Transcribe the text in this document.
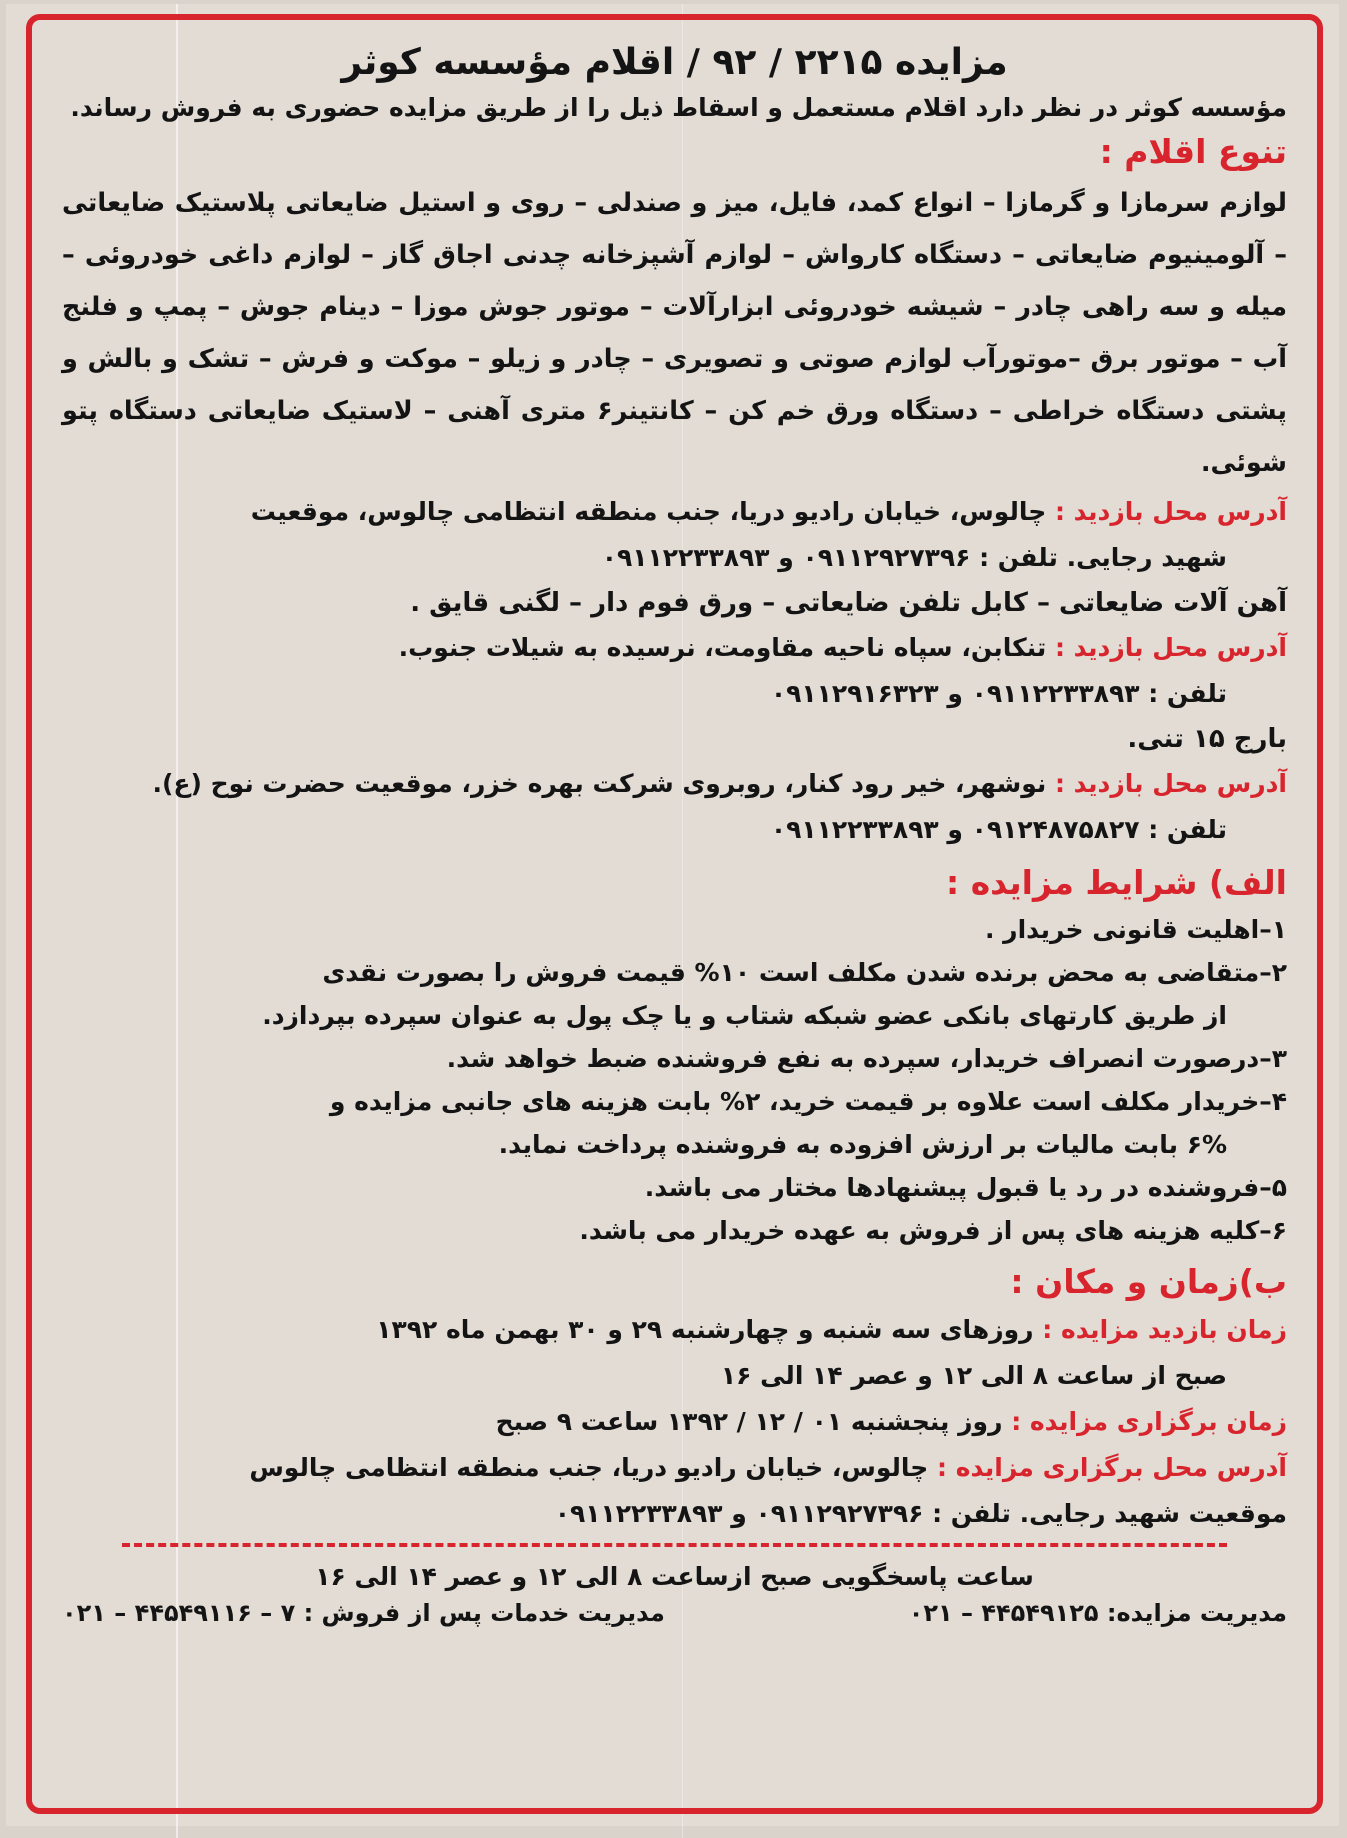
مزایده ۲۲۱۵ / ۹۲ / اقلام مؤسسه کوثر
مؤسسه کوثر در نظر دارد اقلام مستعمل و اسقاط ذیل را از طریق مزایده حضوری به فروش رساند.
تنوع اقلام :
لوازم سرمازا و گرمازا – انواع کمد، فایل، میز و صندلی – روی و استیل ضایعاتی پلاستیک ضایعاتی – آلومینیوم ضایعاتی – دستگاه کارواش – لوازم آشپزخانه چدنی اجاق گاز – لوازم داغی خودروئی – میله و سه راهی چادر – شیشه خودروئی ابزارآلات – موتور جوش موزا – دینام جوش – پمپ و فلنج آب – موتور برق –موتورآب لوازم صوتی و تصویری – چادر و زیلو – موکت و فرش – تشک و بالش و پشتی دستگاه خراطی – دستگاه ورق خم کن – کانتینر۶ متری آهنی – لاستیک ضایعاتی دستگاه پتو شوئی.
آدرس محل بازدید : چالوس، خیابان رادیو دریا، جنب منطقه انتظامی چالوس، موقعیت
شهید رجایی. تلفن : ۰۹۱۱۲۹۲۷۳۹۶ و ۰۹۱۱۲۲۳۳۸۹۳
آهن آلات ضایعاتی – کابل تلفن ضایعاتی – ورق فوم دار – لگنی قایق .
آدرس محل بازدید : تنکابن، سپاه ناحیه مقاومت، نرسیده به شیلات جنوب.
تلفن : ۰۹۱۱۲۲۳۳۸۹۳ و ۰۹۱۱۲۹۱۶۳۲۳
بارج ۱۵ تنی.
آدرس محل بازدید : نوشهر، خیر رود کنار، روبروی شرکت بهره خزر، موقعیت حضرت نوح (ع).
تلفن : ۰۹۱۲۴۸۷۵۸۲۷ و ۰۹۱۱۲۲۳۳۸۹۳
الف) شرایط مزایده :
۱–اهلیت قانونی خریدار .
۲–متقاضی به محض برنده شدن مکلف است ۱۰% قیمت فروش را بصورت نقدی
از طریق کارتهای بانکی عضو شبکه شتاب و یا چک پول به عنوان سپرده بپردازد.
۳–درصورت انصراف خریدار، سپرده به نفع فروشنده ضبط خواهد شد.
۴–خریدار مکلف است علاوه بر قیمت خرید، ۲% بابت هزینه های جانبی مزایده و
۶% بابت مالیات بر ارزش افزوده به فروشنده پرداخت نماید.
۵–فروشنده در رد یا قبول پیشنهادها مختار می باشد.
۶–کلیه هزینه های پس از فروش به عهده خریدار می باشد.
ب)زمان و مکان :
زمان بازدید مزایده : روزهای سه شنبه و چهارشنبه ۲۹ و ۳۰ بهمن ماه ۱۳۹۲
صبح از ساعت ۸ الی ۱۲ و عصر ۱۴ الی ۱۶
زمان برگزاری مزایده : روز پنجشنبه ۰۱ / ۱۲ / ۱۳۹۲ ساعت ۹ صبح
آدرس محل برگزاری مزایده : چالوس، خیابان رادیو دریا، جنب منطقه انتظامی چالوس
موقعیت شهید رجایی. تلفن : ۰۹۱۱۲۹۲۷۳۹۶ و ۰۹۱۱۲۲۳۳۸۹۳
ساعت پاسخگویی صبح ازساعت ۸ الی ۱۲ و عصر ۱۴ الی ۱۶
مدیریت مزایده: ۴۴۵۴۹۱۲۵ – ۰۲۱
مدیریت خدمات پس از فروش : ۷ – ۴۴۵۴۹۱۱۶ – ۰۲۱
